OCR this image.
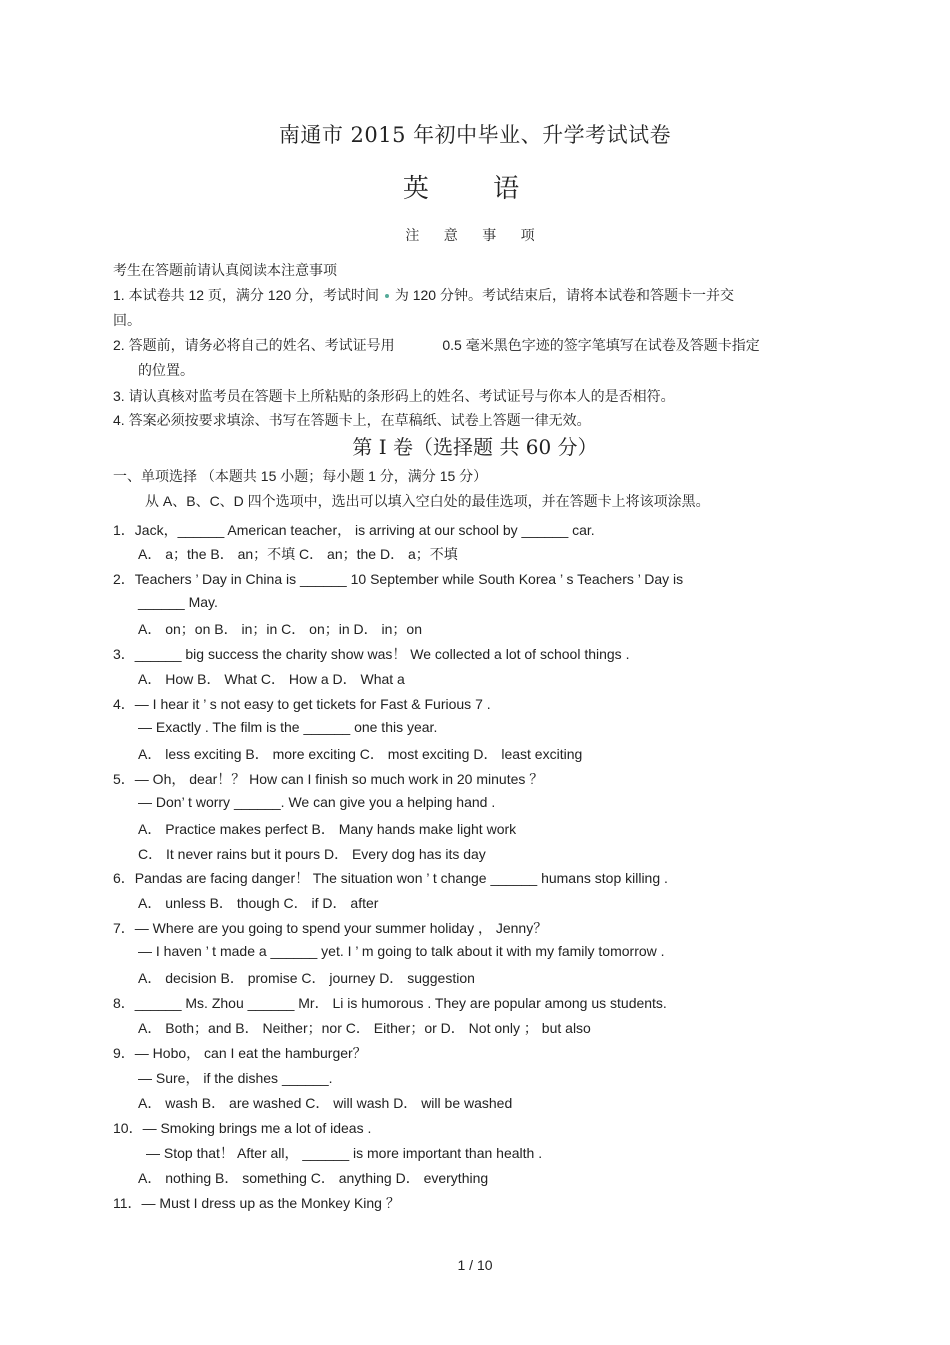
南通市 2015 年初中毕业、升学考试试卷
英 语
注 意 事 项
考生在答题前请认真阅读本注意事项
1. 本试卷共 12 页，满分 120 分，考试时间 为 120 分钟。考试结束后，请将本试卷和答题卡一并交
回。
2. 答题前，请务必将自己的姓名、考试证号用	0.5 毫米黑色字迹的签字笔填写在试卷及答题卡指定
的位置。
3. 请认真核对监考员在答题卡上所粘贴的条形码上的姓名、考试证号与你本人的是否相符。
4. 答案必须按要求填涂、书写在答题卡上，在草稿纸、试卷上答题一律无效。
第 I 卷（选择题 共 60 分）
一、单项选择 （本题共 15 小题；每小题 1 分，满分 15 分）
从 A、B、C、D 四个选项中，选出可以填入空白处的最佳选项，并在答题卡上将该项涂黑。
1．Jack，______ American teacher， is arriving at our school by ______ car.
A． a；the B． an；不填 C． an；the D． a；不填
2．Teachers ’ Day in China is ______ 10 September while South Korea ’ s Teachers ’ Day is
______ May.
A． on；on B． in；in C． on；in D． in；on
3．______ big success the charity show was！ We collected a lot of school things .
A． How B． What C． How a D． What a
4．— I hear it ’ s not easy to get tickets for Fast & Furious 7 .
— Exactly . The film is the ______ one this year.
A． less exciting B． more exciting C． most exciting D． least exciting
5．— Oh， dear！？ How can I finish so much work in 20 minutes ？
— Don’ t worry ______. We can give you a helping hand .
A． Practice makes perfect B． Many hands make light work
C． It never rains but it pours D． Every dog has its day
6．Pandas are facing danger！ The situation won ’ t change ______ humans stop killing .
A． unless B． though C． if D． after
7．— Where are you going to spend your summer holiday ， Jenny？
— I haven ’ t made a ______ yet. I ’ m going to talk about it with my family tomorrow .
A． decision B． promise C． journey D． suggestion
8．______ Ms. Zhou ______ Mr． Li is humorous . They are popular among us students.
A． Both；and B． Neither；nor C． Either；or D． Not only ； but also
9．— Hobo， can I eat the hamburger？
— Sure， if the dishes ______.
A． wash B． are washed C． will wash D． will be washed
10．— Smoking brings me a lot of ideas .
— Stop that！ After all， ______ is more important than health .
A． nothing B． something C． anything D． everything
11．— Must I dress up as the Monkey King ？
1 / 10
